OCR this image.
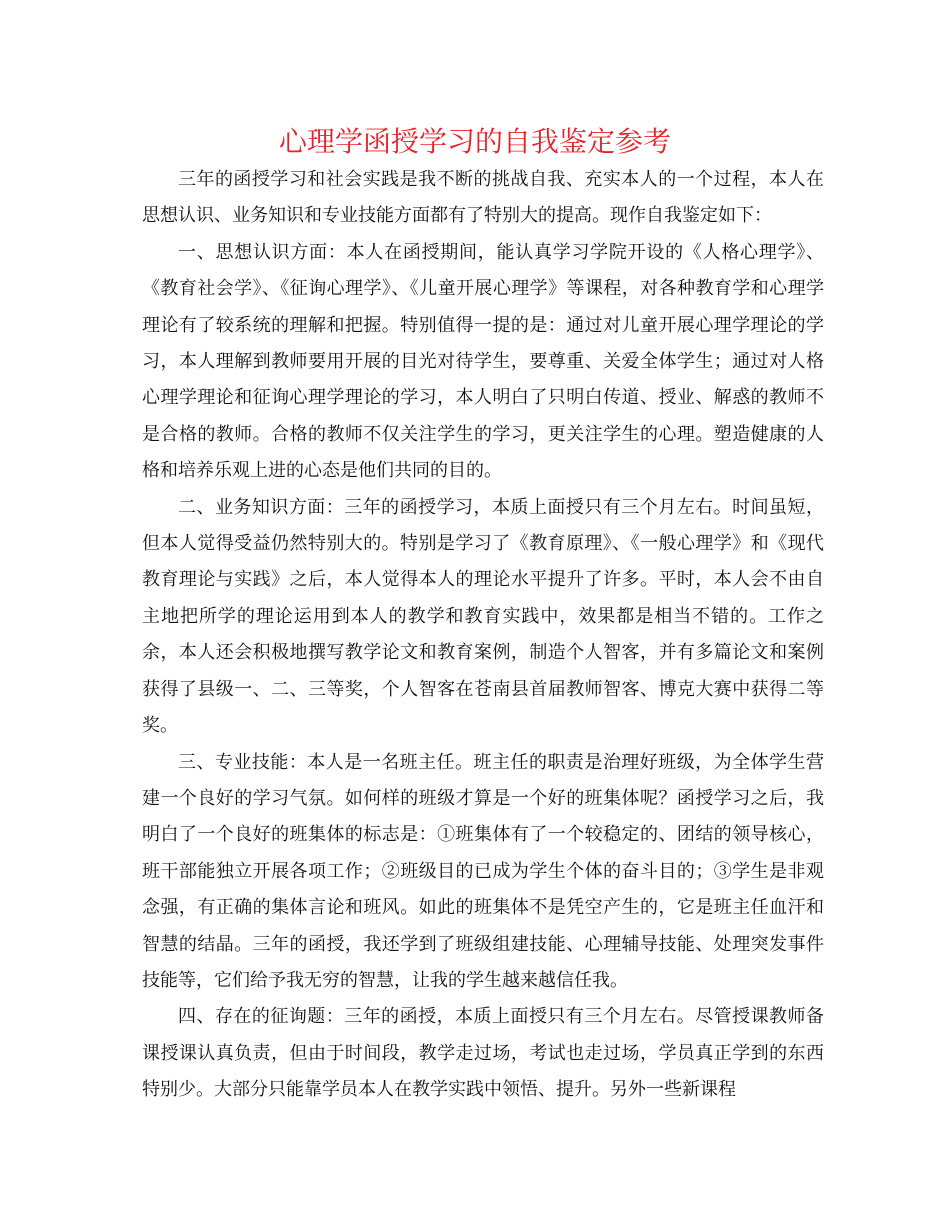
心理学函授学习的自我鉴定参考

三年的函授学习和社会实践是我不断的挑战自我、充实本人的一个过程，本人在思想认识、业务知识和专业技能方面都有了特别大的提高。现作自我鉴定如下：

一、思想认识方面：本人在函授期间，能认真学习学院开设的《人格心理学》、《教育社会学》、《征询心理学》、《儿童开展心理学》等课程，对各种教育学和心理学理论有了较系统的理解和把握。特别值得一提的是：通过对儿童开展心理学理论的学习，本人理解到教师要用开展的目光对待学生，要尊重、关爱全体学生；通过对人格心理学理论和征询心理学理论的学习，本人明白了只明白传道、授业、解惑的教师不是合格的教师。合格的教师不仅关注学生的学习，更关注学生的心理。塑造健康的人格和培养乐观上进的心态是他们共同的目的。

二、业务知识方面：三年的函授学习，本质上面授只有三个月左右。时间虽短，但本人觉得受益仍然特别大的。特别是学习了《教育原理》、《一般心理学》和《现代教育理论与实践》之后，本人觉得本人的理论水平提升了许多。平时，本人会不由自主地把所学的理论运用到本人的教学和教育实践中，效果都是相当不错的。工作之余，本人还会积极地撰写教学论文和教育案例，制造个人智客，并有多篇论文和案例获得了县级一、二、三等奖，个人智客在苍南县首届教师智客、博克大赛中获得二等奖。

三、专业技能：本人是一名班主任。班主任的职责是治理好班级，为全体学生营建一个良好的学习气氛。如何样的班级才算是一个好的班集体呢？函授学习之后，我明白了一个良好的班集体的标志是：①班集体有了一个较稳定的、团结的领导核心，班干部能独立开展各项工作；②班级目的已成为学生个体的奋斗目的；③学生是非观念强，有正确的集体言论和班风。如此的班集体不是凭空产生的，它是班主任血汗和智慧的结晶。三年的函授，我还学到了班级组建技能、心理辅导技能、处理突发事件技能等，它们给予我无穷的智慧，让我的学生越来越信任我。

四、存在的征询题：三年的函授，本质上面授只有三个月左右。尽管授课教师备课授课认真负责，但由于时间段，教学走过场，考试也走过场，学员真正学到的东西特别少。大部分只能靠学员本人在教学实践中领悟、提升。另外一些新课程
